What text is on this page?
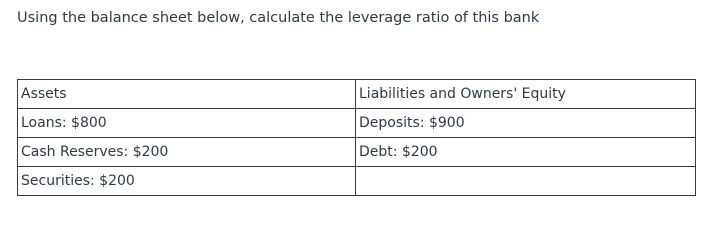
Using the balance sheet below, calculate the leverage ratio of this bank
Assets	Liabilities and Owners' Equity
Loans: $800	Deposits: $900
Cash Reserves: $200	Debt: $200
Securities: $200	
